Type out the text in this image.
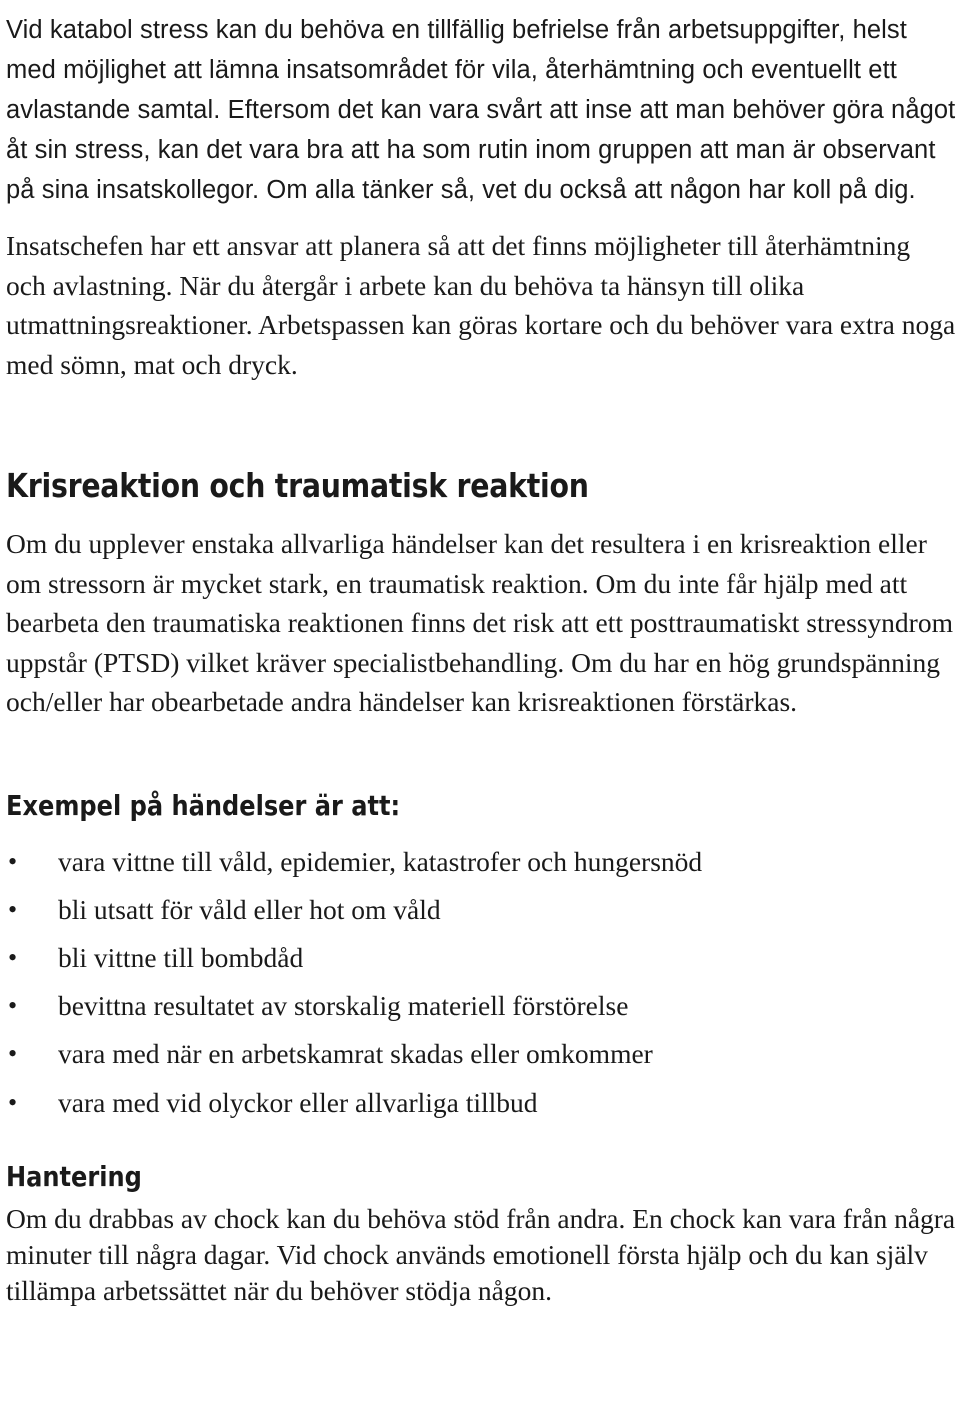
Vid katabol stress kan du behöva en tillfällig befrielse från arbetsuppgifter, helst med möjlighet att lämna insatsområdet för vila, återhämtning och eventuellt ett avlastande samtal. Eftersom det kan vara svårt att inse att man behöver göra något åt sin stress, kan det vara bra att ha som rutin inom gruppen att man är observant på sina insatskollegor. Om alla tänker så, vet du också att någon har koll på dig.

Insatschefen har ett ansvar att planera så att det finns möjligheter till återhämtning och avlastning. När du återgår i arbete kan du behöva ta hänsyn till olika utmattningsreaktioner. Arbetspassen kan göras kortare och du behöver vara extra noga med sömn, mat och dryck.

Krisreaktion och traumatisk reaktion

Om du upplever enstaka allvarliga händelser kan det resultera i en krisreaktion eller om stressorn är mycket stark, en traumatisk reaktion. Om du inte får hjälp med att bearbeta den traumatiska reaktionen finns det risk att ett posttraumatiskt stressyndrom uppstår (PTSD) vilket kräver specialistbehandling. Om du har en hög grundspänning och/eller har obearbetade andra händelser kan krisreaktionen förstärkas.

Exempel på händelser är att:
• vara vittne till våld, epidemier, katastrofer och hungersnöd
• bli utsatt för våld eller hot om våld
• bli vittne till bombdåd
• bevittna resultatet av storskalig materiell förstörelse
• vara med när en arbetskamrat skadas eller omkommer
• vara med vid olyckor eller allvarliga tillbud
Hantering

Om du drabbas av chock kan du behöva stöd från andra. En chock kan vara från några minuter till några dagar. Vid chock används emotionell första hjälp och du kan själv tillämpa arbetssättet när du behöver stödja någon.
